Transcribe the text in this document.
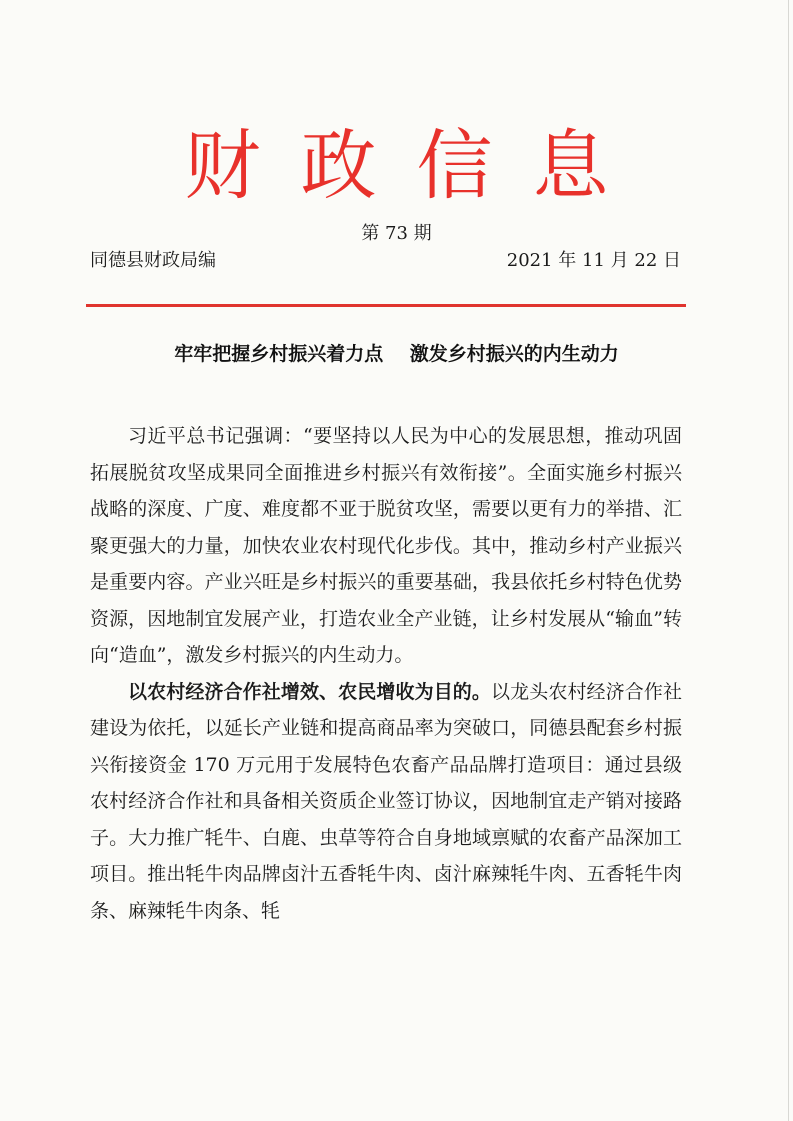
财政信息
第 73 期
同德县财政局编	2021 年 11 月 22 日
牢牢把握乡村振兴着力点    激发乡村振兴的内生动力

习近平总书记强调：“要坚持以人民为中心的发展思想，推动巩固拓展脱贫攻坚成果同全面推进乡村振兴有效衔接”。全面实施乡村振兴战略的深度、广度、难度都不亚于脱贫攻坚，需要以更有力的举措、汇聚更强大的力量，加快农业农村现代化步伐。其中，推动乡村产业振兴是重要内容。产业兴旺是乡村振兴的重要基础，我县依托乡村特色优势资源，因地制宜发展产业，打造农业全产业链，让乡村发展从“输血”转向“造血”，激发乡村振兴的内生动力。

以农村经济合作社增效、农民增收为目的。以龙头农村经济合作社建设为依托，以延长产业链和提高商品率为突破口，同德县配套乡村振兴衔接资金 170 万元用于发展特色农畜产品品牌打造项目：通过县级农村经济合作社和具备相关资质企业签订协议，因地制宜走产销对接路子。大力推广牦牛、白鹿、虫草等符合自身地域禀赋的农畜产品深加工项目。推出牦牛肉品牌卤汁五香牦牛肉、卤汁麻辣牦牛肉、五香牦牛肉条、麻辣牦牛肉条、牦
